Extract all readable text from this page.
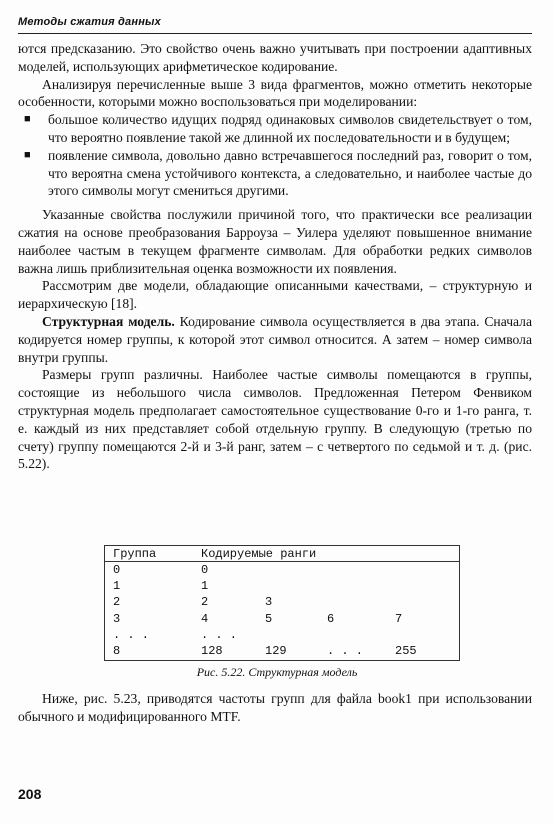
Методы сжатия данных

ются предсказанию. Это свойство очень важно учитывать при построении адаптивных моделей, использующих арифметическое кодирование.

Анализируя перечисленные выше 3 вида фрагментов, можно отметить некоторые особенности, которыми можно воспользоваться при моделировании:

■ большое количество идущих подряд одинаковых символов свидетельствует о том, что вероятно появление такой же длинной их последовательности и в будущем;
■ появление символа, довольно давно встречавшегося последний раз, говорит о том, что вероятна смена устойчивого контекста, а следовательно, и наиболее частые до этого символы могут смениться другими.

Указанные свойства послужили причиной того, что практически все реализации сжатия на основе преобразования Барроуза – Уилера уделяют повышенное внимание наиболее частым в текущем фрагменте символам. Для обработки редких символов важна лишь приблизительная оценка возможности их появления.

Рассмотрим две модели, обладающие описанными качествами, – структурную и иерархическую [18].

Структурная модель. Кодирование символа осуществляется в два этапа. Сначала кодируется номер группы, к которой этот символ относится. А затем – номер символа внутри группы.

Размеры групп различны. Наиболее частые символы помещаются в группы, состоящие из небольшого числа символов. Предложенная Петером Фенвиком структурная модель предполагает самостоятельное существование 0-го и 1-го ранга, т. е. каждый из них представляет собой отдельную группу. В следующую (третью по счету) группу помещаются 2-й и 3-й ранг, затем – с четвертого по седьмой и т. д. (рис. 5.22).

Группа	Кодируемые ранги
0	0
1	1
2	2	3
3	4	5	6	7
. . .	. . .
8	128	129	. . .	255
Рис. 5.22. Структурная модель

Ниже, рис. 5.23, приводятся частоты групп для файла book1 при использовании обычного и модифицированного MTF.

208
